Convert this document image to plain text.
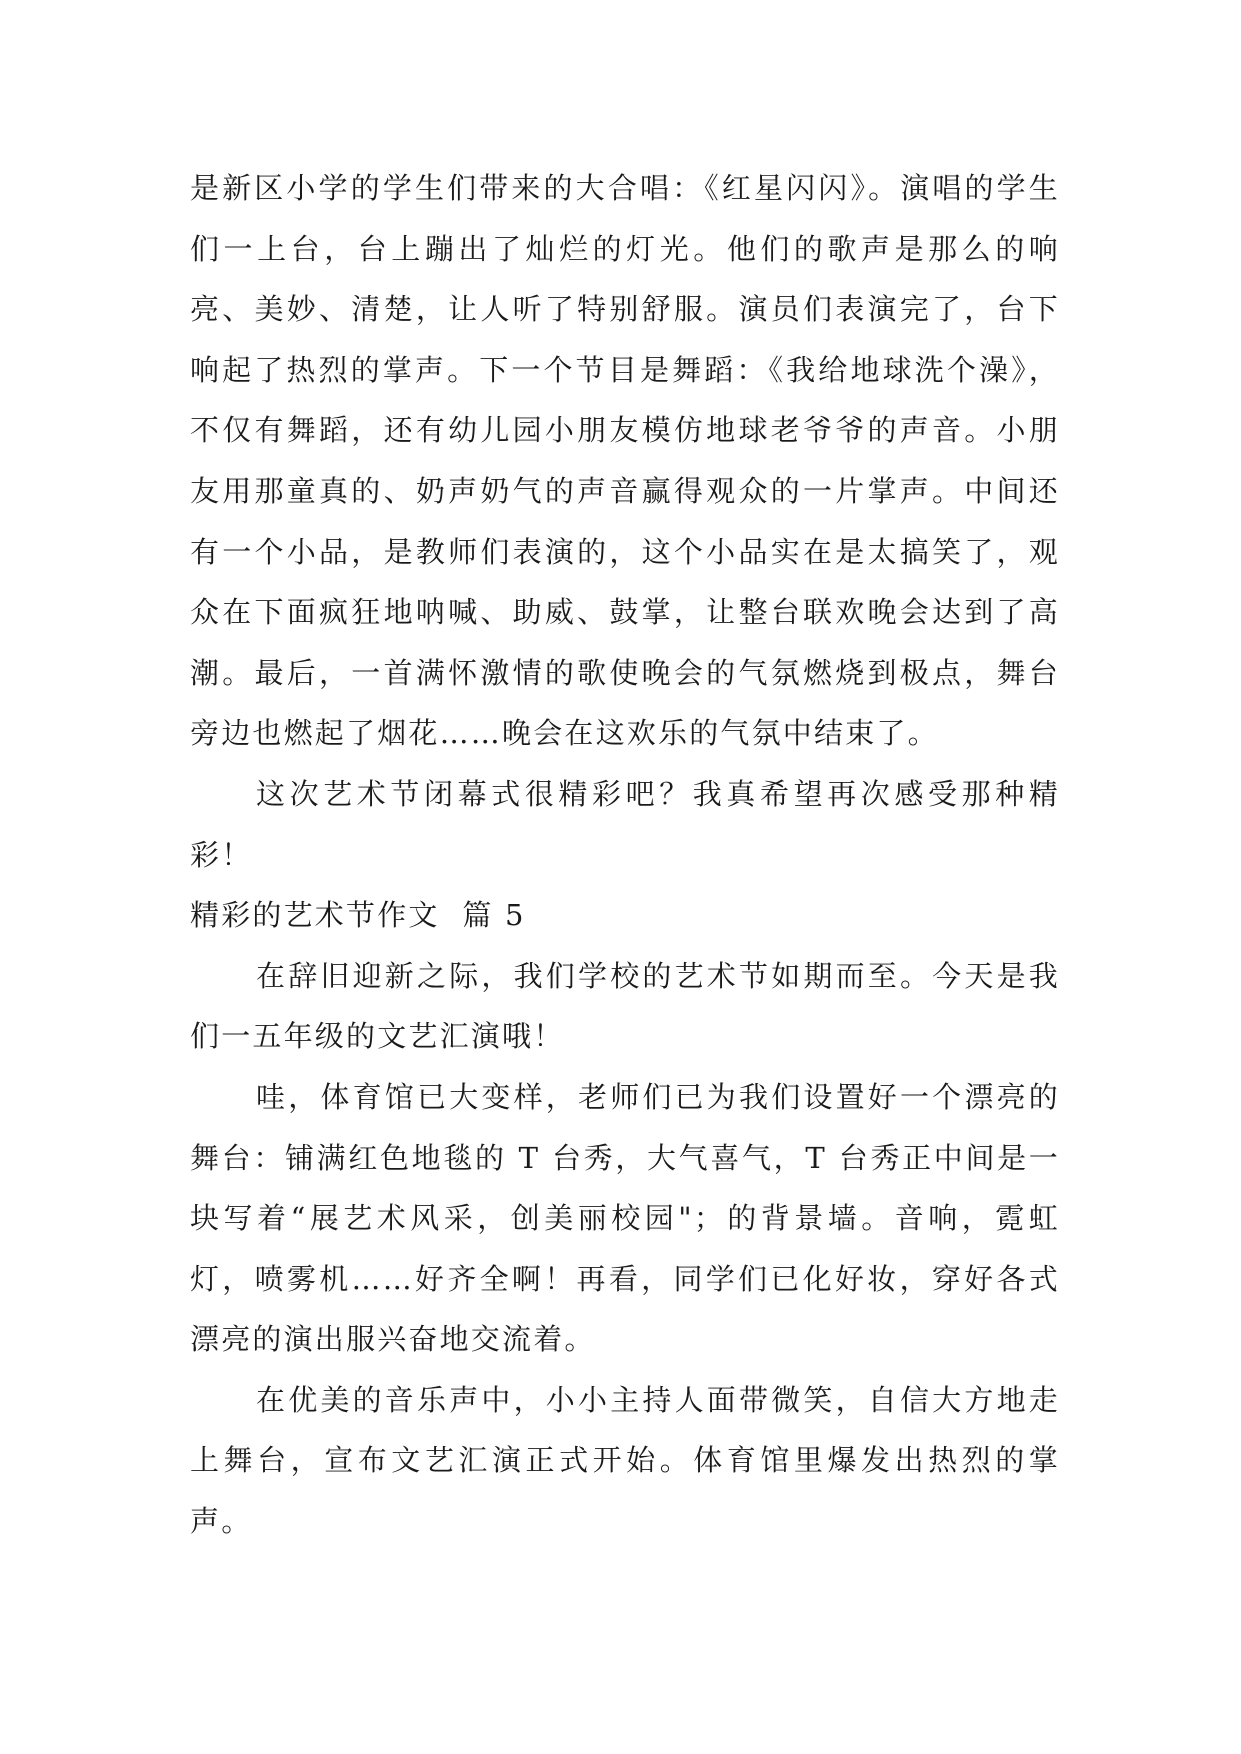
是新区小学的学生们带来的大合唱：《红星闪闪》。演唱的学生们一上台，台上蹦出了灿烂的灯光。他们的歌声是那么的响亮、美妙、清楚，让人听了特别舒服。演员们表演完了，台下响起了热烈的掌声。下一个节目是舞蹈：《我给地球洗个澡》，不仅有舞蹈，还有幼儿园小朋友模仿地球老爷爷的声音。小朋友用那童真的、奶声奶气的声音赢得观众的一片掌声。中间还有一个小品，是教师们表演的，这个小品实在是太搞笑了，观众在下面疯狂地呐喊、助威、鼓掌，让整台联欢晚会达到了高潮。最后，一首满怀激情的歌使晚会的气氛燃烧到极点，舞台旁边也燃起了烟花……晚会在这欢乐的气氛中结束了。

这次艺术节闭幕式很精彩吧？我真希望再次感受那种精彩！

精彩的艺术节作文  篇 5

在辞旧迎新之际，我们学校的艺术节如期而至。今天是我们一五年级的文艺汇演哦！

哇，体育馆已大变样，老师们已为我们设置好一个漂亮的舞台：铺满红色地毯的 T 台秀，大气喜气，T 台秀正中间是一块写着“展艺术风采，创美丽校园"；的背景墙。音响，霓虹灯，喷雾机……好齐全啊！再看，同学们已化好妆，穿好各式漂亮的演出服兴奋地交流着。

在优美的音乐声中，小小主持人面带微笑，自信大方地走上舞台，宣布文艺汇演正式开始。体育馆里爆发出热烈的掌声。
